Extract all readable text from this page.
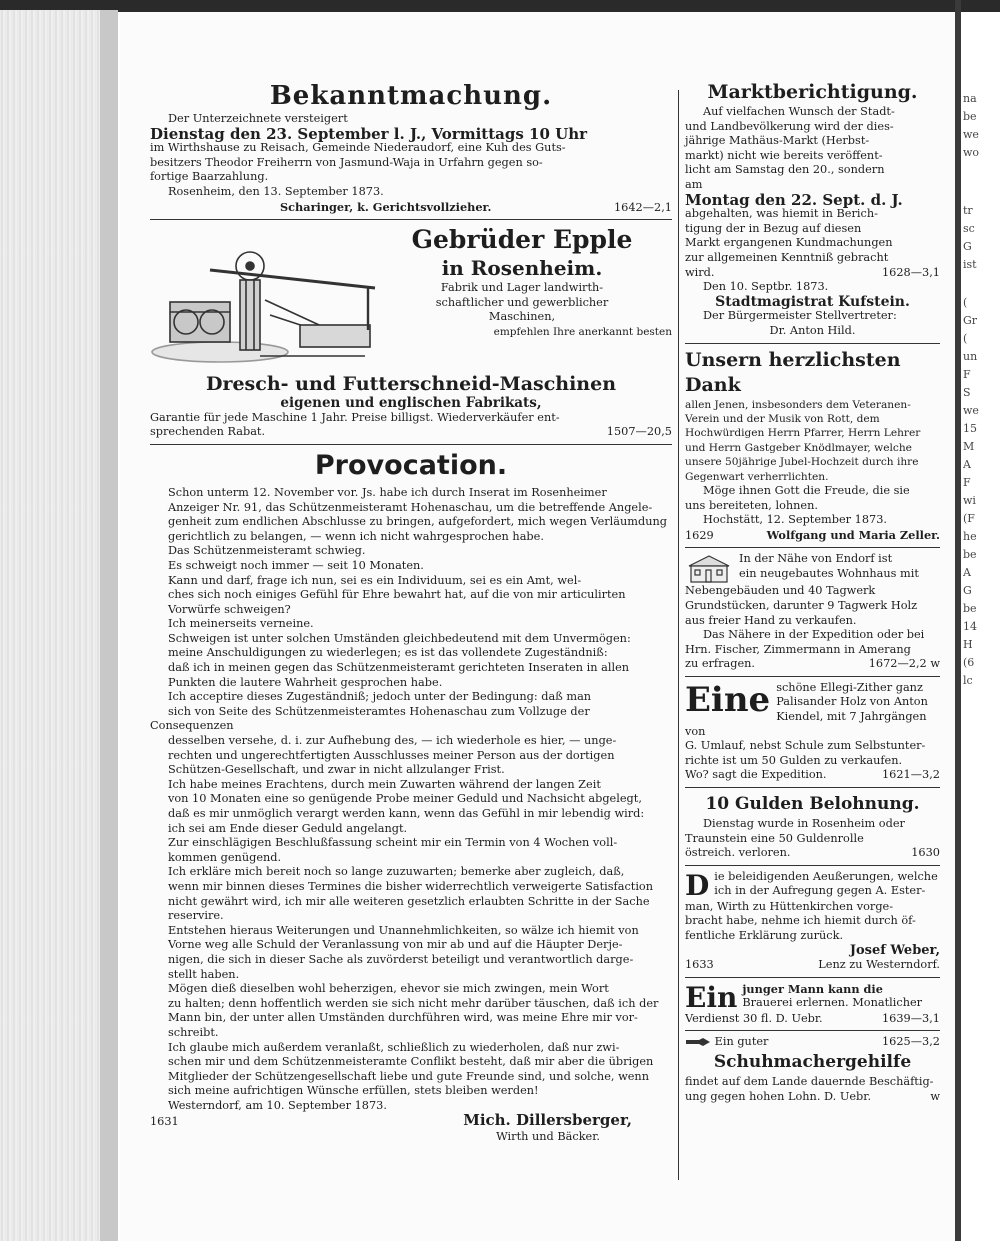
Bekanntmachung.
Der Unterzeichnete versteigert
Dienstag den 23. September l. J., Vormittags 10 Uhr
im Wirthshause zu Reisach, Gemeinde Niederaudorf, eine Kuh des Guts-
besitzers Theodor Freiherrn von Jasmund-Waja in Urfahrn gegen so-
fortige Baarzahlung.
Rosenheim, den 13. September 1873.
Scharinger, k. Gerichtsvollzieher.	1642—2,1
Gebrüder Epple
in Rosenheim.
Fabrik und Lager landwirth-
schaftlicher und gewerblicher
Maschinen,
empfehlen Ihre anerkannt besten
Dresch- und Futterschneid-Maschinen
eigenen und englischen Fabrikats,
Garantie für jede Maschine 1 Jahr. Preise billigst. Wiederverkäufer ent-
sprechenden Rabat.	1507—20,5
Provocation.

Schon unterm 12. November vor. Js. habe ich durch Inserat im Rosenheimer
Anzeiger Nr. 91, das Schützenmeisteramt Hohenaschau, um die betreffende Angele-
genheit zum endlichen Abschlusse zu bringen, aufgefordert, mich wegen Verläumdung
gerichtlich zu belangen, — wenn ich nicht wahrgesprochen habe.

Das Schützenmeisteramt schwieg.

Es schweigt noch immer — seit 10 Monaten.

Kann und darf, frage ich nun, sei es ein Individuum, sei es ein Amt, wel-
ches sich noch einiges Gefühl für Ehre bewahrt hat, auf die von mir articulirten
Vorwürfe schweigen?

Ich meinerseits verneine.

Schweigen ist unter solchen Umständen gleichbedeutend mit dem Unvermögen:
meine Anschuldigungen zu wiederlegen; es ist das vollendete Zugeständniß:
daß ich in meinen gegen das Schützenmeisteramt gerichteten Inseraten in allen
Punkten die lautere Wahrheit gesprochen habe.

Ich acceptire dieses Zugeständniß; jedoch unter der Bedingung: daß man
sich von Seite des Schützenmeisteramtes Hohenaschau zum Vollzuge der Consequenzen
desselben versehe, d. i. zur Aufhebung des, — ich wiederhole es hier, — unge-
rechten und ungerechtfertigten Ausschlusses meiner Person aus der dortigen
Schützen-Gesellschaft, und zwar in nicht allzulanger Frist.

Ich habe meines Erachtens, durch mein Zuwarten während der langen Zeit
von 10 Monaten eine so genügende Probe meiner Geduld und Nachsicht abgelegt,
daß es mir unmöglich verargt werden kann, wenn das Gefühl in mir lebendig wird:
ich sei am Ende dieser Geduld angelangt.

Zur einschlägigen Beschlußfassung scheint mir ein Termin von 4 Wochen voll-
kommen genügend.

Ich erkläre mich bereit noch so lange zuzuwarten; bemerke aber zugleich, daß,
wenn mir binnen dieses Termines die bisher widerrechtlich verweigerte Satisfaction
nicht gewährt wird, ich mir alle weiteren gesetzlich erlaubten Schritte in der Sache
reservire.

Entstehen hieraus Weiterungen und Unannehmlichkeiten, so wälze ich hiemit von
Vorne weg alle Schuld der Veranlassung von mir ab und auf die Häupter Derje-
nigen, die sich in dieser Sache als zuvörderst beteiligt und verantwortlich darge-
stellt haben.

Mögen dieß dieselben wohl beherzigen, ehevor sie mich zwingen, mein Wort
zu halten; denn hoffentlich werden sie sich nicht mehr darüber täuschen, daß ich der
Mann bin, der unter allen Umständen durchführen wird, was meine Ehre mir vor-
schreibt.

Ich glaube mich außerdem veranlaßt, schließlich zu wiederholen, daß nur zwi-
schen mir und dem Schützenmeisteramte Conflikt besteht, daß mir aber die übrigen
Mitglieder der Schützengesellschaft liebe und gute Freunde sind, und solche, wenn
sich meine aufrichtigen Wünsche erfüllen, stets bleiben werden!

Westerndorf, am 10. September 1873.
1631	Mich. Dillersberger,
Wirth und Bäcker.
Marktberichtigung.
Auf vielfachen Wunsch der Stadt-
und Landbevölkerung wird der dies-
jährige Mathäus-Markt (Herbst-
markt) nicht wie bereits veröffent-
licht am Samstag den 20., sondern
am
Montag den 22. Sept. d. J.
abgehalten, was hiemit in Berich-
tigung der in Bezug auf diesen
Markt ergangenen Kundmachungen
zur allgemeinen Kenntniß gebracht
wird.	1628—3,1
Den 10. Septbr. 1873.
Stadtmagistrat Kufstein.
Der Bürgermeister Stellvertreter:
Dr. Anton Hild.
Unsern herzlichsten Dank
allen Jenen, insbesonders dem Veteranen-
Verein und der Musik von Rott, dem
Hochwürdigen Herrn Pfarrer, Herrn Lehrer
und Herrn Gastgeber Knödlmayer, welche
unsere 50jährige Jubel-Hochzeit durch ihre
Gegenwart verherrlichten.
Möge ihnen Gott die Freude, die sie
uns bereiteten, lohnen.
Hochstätt, 12. September 1873.
1629	Wolfgang und Maria Zeller.
In der Nähe von Endorf ist
ein neugebautes Wohnhaus mit
Nebengebäuden und 40 Tagwerk
Grundstücken, darunter 9 Tagwerk Holz
aus freier Hand zu verkaufen.
Das Nähere in der Expedition oder bei
Hrn. Fischer, Zimmermann in Amerang
zu erfragen.	1672—2,2 w
Eine schöne Ellegi-Zither ganz
Palisander Holz von Anton
Kiendel, mit 7 Jahrgängen von
G. Umlauf, nebst Schule zum Selbstunter-
richte ist um 50 Gulden zu verkaufen.
Wo? sagt die Expedition.	1621—3,2
10 Gulden Belohnung.
Dienstag wurde in Rosenheim oder
Traunstein eine 50 Guldenrolle
östreich. verloren.	1630
D ie beleidigenden Aeußerungen, welche
ich in der Aufregung gegen A. Ester-
man, Wirth zu Hüttenkirchen vorge-
bracht habe, nehme ich hiemit durch öf-
fentliche Erklärung zurück.
Josef Weber,
1633	Lenz zu Westerndorf.
Ein junger Mann kann die
Brauerei erlernen. Monatlicher
Verdienst 30 fl. D. Uebr.	1639—3,1
Ein guter	1625—3,2
Schuhmachergehilfe
findet auf dem Lande dauernde Beschäftig-
ung gegen hohen Lohn. D. Uebr.	w
na
be
we
wo
tr
sc
G
ist
(
Gr
(
un
F
S
we
15
M
A
F
wi
(F
he
be
A
G
be
14
H
(6
lc
